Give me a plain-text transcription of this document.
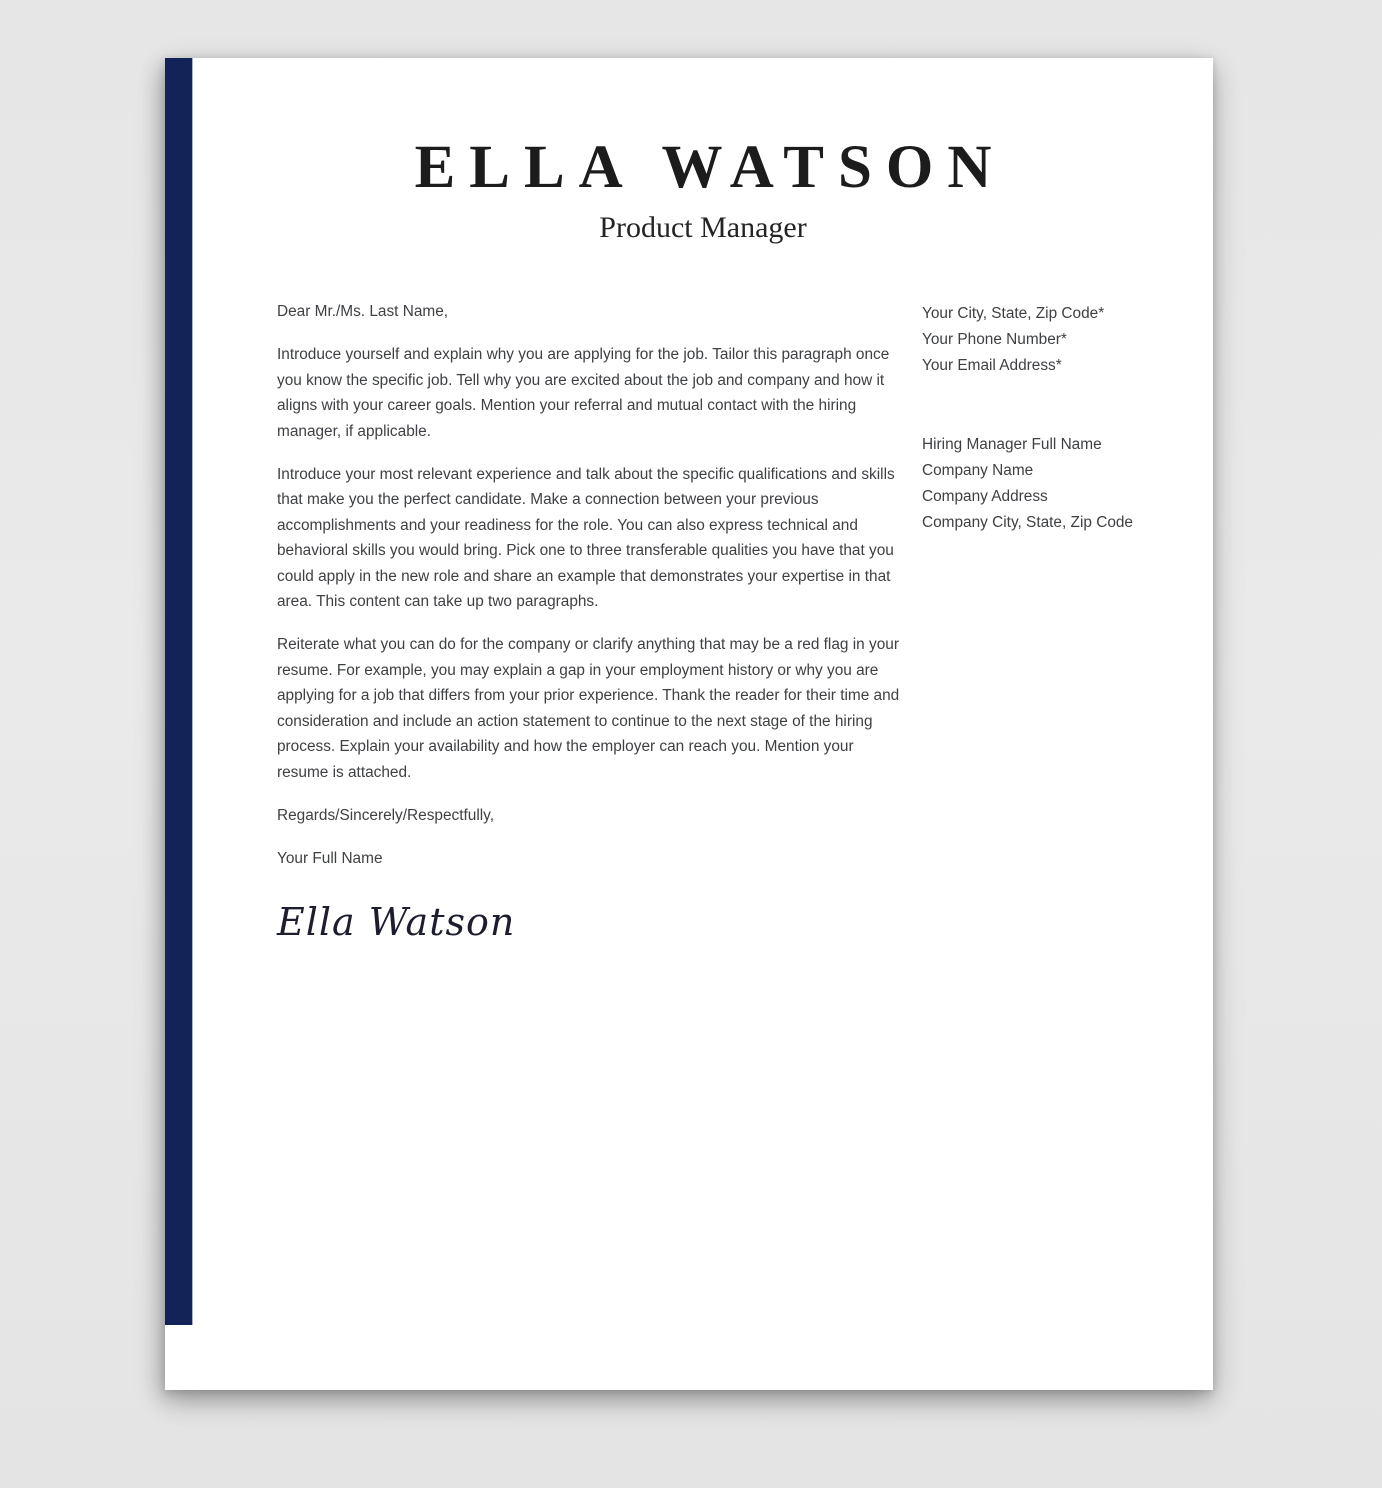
ELLA WATSON
Product Manager

Dear Mr./Ms. Last Name,

Introduce yourself and explain why you are applying for the job. Tailor this paragraph once you know the specific job. Tell why you are excited about the job and company and how it aligns with your career goals. Mention your referral and mutual contact with the hiring manager, if applicable.

Introduce your most relevant experience and talk about the specific qualifications and skills that make you the perfect candidate. Make a connection between your previous accomplishments and your readiness for the role. You can also express technical and behavioral skills you would bring. Pick one to three transferable qualities you have that you could apply in the new role and share an example that demonstrates your expertise in that area. This content can take up two paragraphs.

Reiterate what you can do for the company or clarify anything that may be a red flag in your resume. For example, you may explain a gap in your employment history or why you are applying for a job that differs from your prior experience. Thank the reader for their time and consideration and include an action statement to continue to the next stage of the hiring process. Explain your availability and how the employer can reach you. Mention your resume is attached.

Regards/Sincerely/Respectfully,

Your Full Name

Ella Watson
Your City, State, Zip Code*
Your Phone Number*
Your Email Address*
Hiring Manager Full Name
Company Name
Company Address
Company City, State, Zip Code
